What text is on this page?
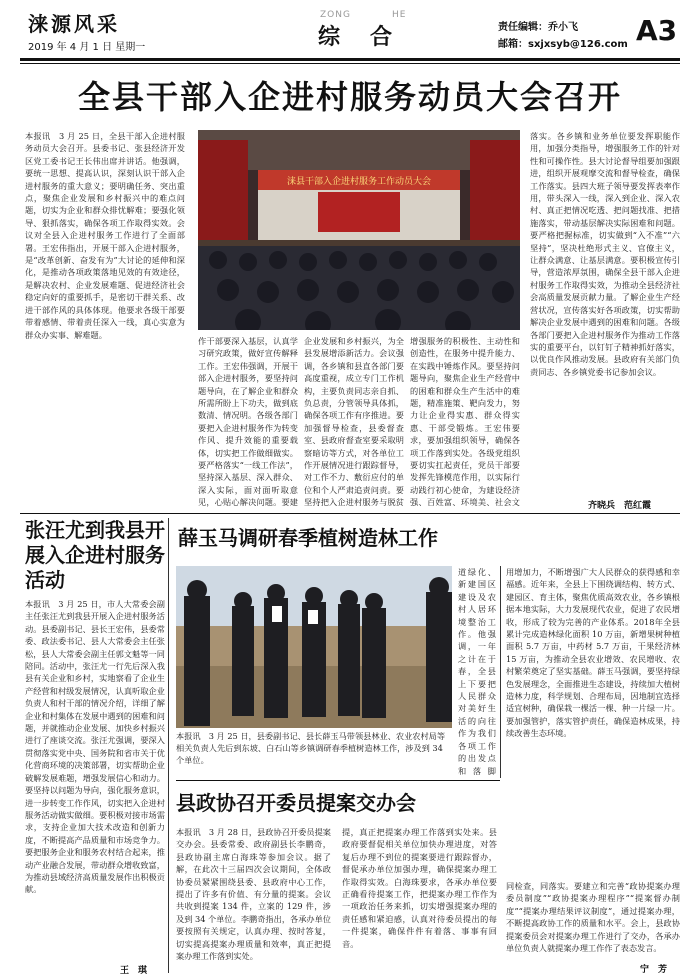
涞源风采
2019 年 4 月 1 日 星期一
ZONG	HE
综合	责任编辑：乔小飞
邮箱：sxjxsyb@126.com A3
全县干部入企进村服务动员大会召开
本报讯　3 月 25 日，全县干部入企进村服务动员大会召开。县委书记、张县经济开发区党工委书记王长伟出席并讲话。他强调，要统一思想、提高认识，深刻认识干部入企进村服务的重大意义；要明确任务、突出重点，聚焦企业发展和乡村振兴中的难点问题，切实为企业和群众排忧解难；要强化领导、狠抓落实，确保各项工作取得实效。会议对全县入企进村服务工作进行了全面部署。王宏伟指出，开展干部入企进村服务，是“改革创新、奋发有为”大讨论的延伸和深化，是推动各项政策落地见效的有效途径，是解决农村、企业发展难题、促进经济社会稳定向好的重要抓手，是密切干群关系、改进干部作风的具体体现。他要求各级干部要带着感情、带着责任深入一线，真心实意为群众办实事、解难题。
涞县干部入企进村服务工作动员大会
作干部要深入基层，认真学习研究政策，做好宣传解释工作。王宏伟强调，开展干部入企进村服务，要坚持问题导向，在了解企业和群众所需所盼上下功夫，做到底数清、情况明。各级各部门要把入企进村服务作为转变作风、提升效能的重要载体，切实把工作做细做实。要严格落实“一线工作法”，坚持深入基层、深入群众、深入实际，面对面听取意见，心贴心解决问题。要建
企业发展和乡村振兴，为全县发展增添新活力。会议强调，各乡镇和县直各部门要高度重视，成立专门工作机构，主要负责同志亲自抓、负总责，分管领导具体抓，确保各项工作有序推进。要加强督导检查，县委督查室、县政府督查室要采取明察暗访等方式，对各单位工作开展情况进行跟踪督导，对工作不力、敷衍应付的单位和个人严肃追责问责。要坚持把入企进村服务与脱贫
增强服务的积极性、主动性和创造性，在服务中提升能力、在实践中锤炼作风。要坚持问题导向，聚焦企业生产经营中的困难和群众生产生活中的难题，精准施策、靶向发力，努力让企业得实惠、群众得实惠、干部受锻炼。王宏伟要求，要加强组织领导，确保各项工作落到实处。各级党组织要切实扛起责任，党员干部要发挥先锋模范作用，以实际行动践行初心使命，为建设经济强、百姓富、环境美、社会文
落实。各乡镇和业务单位要发挥职能作用，加强分类指导，增强服务工作的针对性和可操作性。县大讨论督导组要加强跟进，组织开展观摩交流和督导检查，确保工作落实。县四大班子领导要发挥表率作用，带头深入一线，深入到企业、深入农村、真正把情况吃透、把问题找准、把措施落实，带动基层解决实际困难和问题。要严格把握标准，切实做到“入不准”“六坚持”，坚决杜绝形式主义、官僚主义，让群众满意、让基层满意。要积极宣传引导，营造浓厚氛围，确保全县干部入企进村服务工作取得实效，为推动全县经济社会高质量发展贡献力量。了解企业生产经营状况，宣传落实好各项政策，切实帮助解决企业发展中遇到的困难和问题。各级各部门要把入企进村服务作为推动工作落实的重要平台，以钉钉子精神抓好落实，以优良作风推动发展。县政府有关部门负责同志、各乡镇党委书记参加会议。
齐晓兵　范红霞
张汪尤到我县开展入企进村服务活动
本报讯　3 月 25 日，市人大常委会副主任张汪尤到我县开展入企进村服务活动。县委副书记、县长王宏伟，县委常委、政法委书记、县人大常委会主任张松，县人大常委会副主任郭文魁等一同陪同。活动中，张汪尤一行先后深入我县有关企业和乡村，实地察看了企业生产经营和村级发展情况，认真听取企业负责人和村干部的情况介绍，详细了解企业和村集体在发展中遇到的困难和问题，并就推动企业发展、加快乡村振兴进行了座谈交流。张汪尤强调，要深入贯彻落实党中央、国务院和省市关于优化营商环境的决策部署，切实帮助企业破解发展难题，增强发展信心和动力。要坚持以问题为导向，强化服务意识，进一步转变工作作风，切实把入企进村服务活动做实做细。要积极对接市场需求，支持企业加大技术改造和创新力度，不断提高产品质量和市场竞争力。要把服务企业和服务农村结合起来，推动产业融合发展，带动群众增收致富，为推动县域经济高质量发展作出积极贡献。
王　琪
薛玉马调研春季植树造林工作
本报讯　3 月 25 日，县委副书记、县长薛玉马带领县林业、农业农村局等相关负责人先后到东坡、白石山等乡镇调研春季植树造林工作，涉及到 34 个单位。
道绿化、新建国区建设及农村人居环境整治工作。他强调，一年之计在于春，全县上下要把人民群众对美好生活的向往作为我们各项工作的出发点和落脚
用增加力，不断增强广大人民群众的获得感和幸福感。近年来，全县上下围绕调结构、转方式、建园区、育主体，聚焦优质高效农业，各乡镇根据本地实际，大力发展现代农业，促进了农民增收，形成了较为完善的产业体系。2018年全县累计完成造林绿化面积 10 万亩，新增果树种植面积 5.7 万亩，中药材 5.7 万亩，干果经济林 15 万亩，为推动全县农业增效、农民增收、农村繁荣奠定了坚实基础。薛玉马强调，要坚持绿色发展理念，全面推进生态建设，持续加大植树造林力度，科学规划、合理布局，因地制宜选择适宜树种，确保栽一棵活一棵、种一片绿一片。要加强管护，落实管护责任，确保造林成果，持续改善生态环境。
县政协召开委员提案交办会
本报讯　3 月 28 日，县政协召开委员提案交办会。县委常委、政府副县长李鹏奇，县政协副主席白海珠等参加会议。据了解，在此次十三届四次会议期间，全体政协委员紧紧围绕县委、县政府中心工作，提出了许多有价值、有分量的提案。会议共收到提案 134 件，立案的 129 件，涉及到 34 个单位。李鹏奇指出，各承办单位要按照有关规定，认真办理、按时答复，切实提高提案办理质量和效率，真正把提案办理工作落到实处。
提，真正把提案办理工作落到实处来。县政府要督促相关单位加快办理进度，对答复后办理不到位的提案要进行跟踪督办，督促承办单位加强办理，确保提案办理工作取得实效。白海珠要求，各承办单位要正确看待提案工作，把提案办理工作作为一项政治任务来抓，切实增强提案办理的责任感和紧迫感，认真对待委员提出的每一件提案，确保件件有着落、事事有回音。
同检查，同落实。要建立和完善“政协提案办理委员制度”“政协提案办理程序”“提案督办制度”“提案办理结果评议制度”，通过提案办理，不断提高政协工作的质量和水平。会上，县政协提案委员会对提案办理工作进行了交办，各承办单位负责人就提案办理工作作了表态发言。
宁　芳
